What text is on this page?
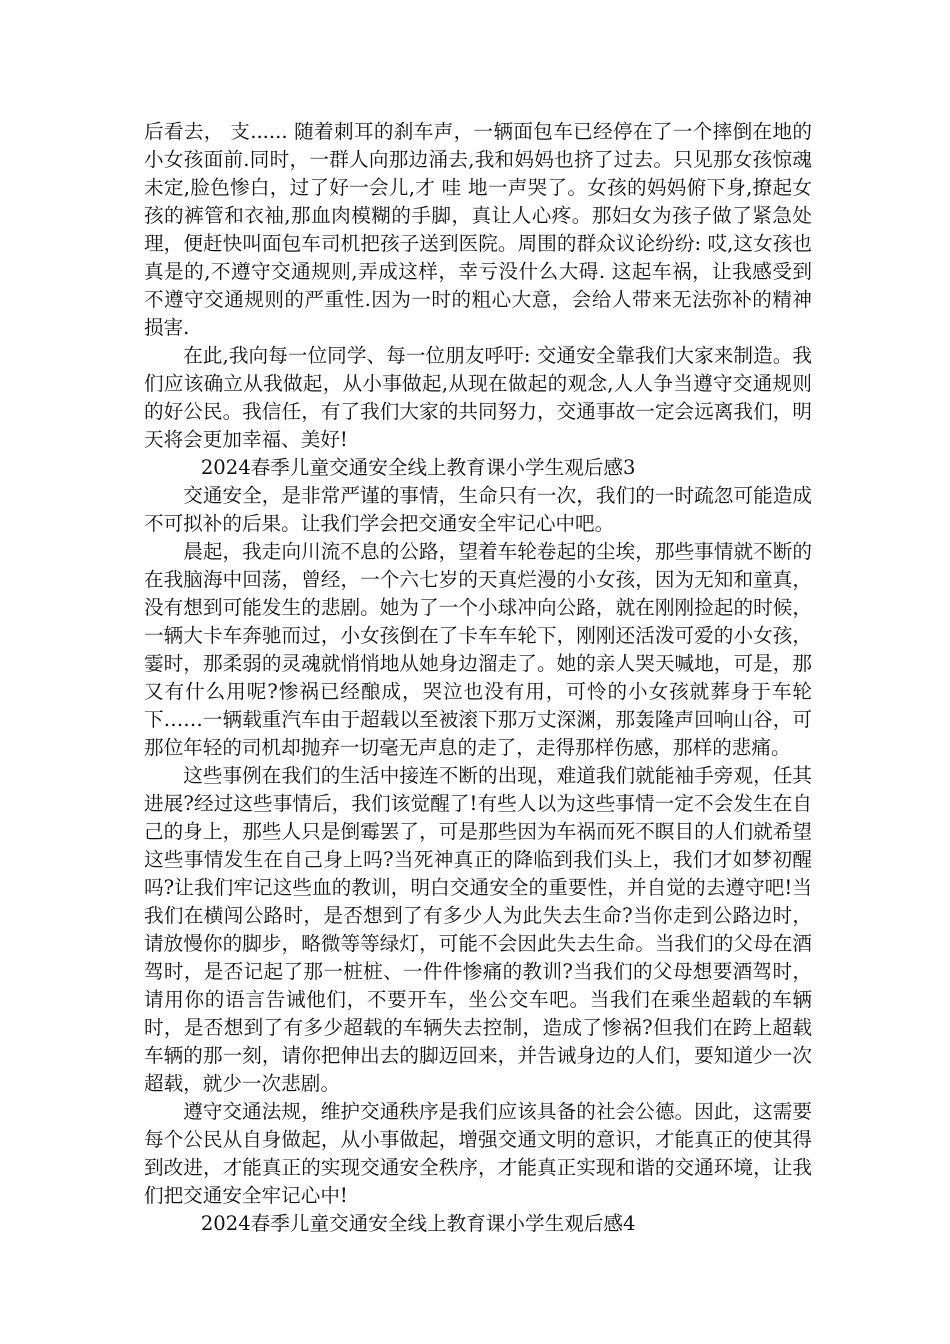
后看去， 支...... 随着刺耳的刹车声，一辆面包车已经停在了一个摔倒在地的小女孩面前.同时，一群人向那边涌去,我和妈妈也挤了过去。只见那女孩惊魂未定,脸色惨白，过了好一会儿,才 哇 地一声哭了。女孩的妈妈俯下身,撩起女孩的裤管和衣袖,那血肉模糊的手脚，真让人心疼。那妇女为孩子做了紧急处理，便赶快叫面包车司机把孩子送到医院。周围的群众议论纷纷: 哎,这女孩也真是的,不遵守交通规则,弄成这样，幸亏没什么大碍. 这起车祸，让我感受到不遵守交通规则的严重性.因为一时的粗心大意，会给人带来无法弥补的精神损害.

在此,我向每一位同学、每一位朋友呼吁: 交通安全靠我们大家来制造。我们应该确立从我做起，从小事做起,从现在做起的观念,人人争当遵守交通规则的好公民。我信任，有了我们大家的共同努力，交通事故一定会远离我们，明天将会更加幸福、美好!

2024春季儿童交通安全线上教育课小学生观后感3

交通安全，是非常严谨的事情，生命只有一次，我们的一时疏忽可能造成不可拟补的后果。让我们学会把交通安全牢记心中吧。

晨起，我走向川流不息的公路，望着车轮卷起的尘埃，那些事情就不断的在我脑海中回荡，曾经，一个六七岁的天真烂漫的小女孩，因为无知和童真，没有想到可能发生的悲剧。她为了一个小球冲向公路，就在刚刚捡起的时候，一辆大卡车奔驰而过，小女孩倒在了卡车车轮下，刚刚还活泼可爱的小女孩，霎时，那柔弱的灵魂就悄悄地从她身边溜走了。她的亲人哭天喊地，可是，那又有什么用呢?惨祸已经酿成，哭泣也没有用，可怜的小女孩就葬身于车轮下……一辆载重汽车由于超载以至被滚下那万丈深渊，那轰隆声回响山谷，可那位年轻的司机却抛弃一切毫无声息的走了，走得那样伤感，那样的悲痛。

这些事例在我们的生活中接连不断的出现，难道我们就能袖手旁观，任其进展?经过这些事情后，我们该觉醒了!有些人以为这些事情一定不会发生在自己的身上，那些人只是倒霉罢了，可是那些因为车祸而死不瞑目的人们就希望这些事情发生在自己身上吗?当死神真正的降临到我们头上，我们才如梦初醒吗?让我们牢记这些血的教训，明白交通安全的重要性，并自觉的去遵守吧!当我们在横闯公路时，是否想到了有多少人为此失去生命?当你走到公路边时，请放慢你的脚步，略微等等绿灯，可能不会因此失去生命。当我们的父母在酒驾时，是否记起了那一桩桩、一件件惨痛的教训?当我们的父母想要酒驾时，请用你的语言告诫他们，不要开车，坐公交车吧。当我们在乘坐超载的车辆时，是否想到了有多少超载的车辆失去控制，造成了惨祸?但我们在跨上超载车辆的那一刻，请你把伸出去的脚迈回来，并告诫身边的人们，要知道少一次超载，就少一次悲剧。

遵守交通法规，维护交通秩序是我们应该具备的社会公德。因此，这需要每个公民从自身做起，从小事做起，增强交通文明的意识，才能真正的使其得到改进，才能真正的实现交通安全秩序，才能真正实现和谐的交通环境，让我们把交通安全牢记心中!

2024春季儿童交通安全线上教育课小学生观后感4
